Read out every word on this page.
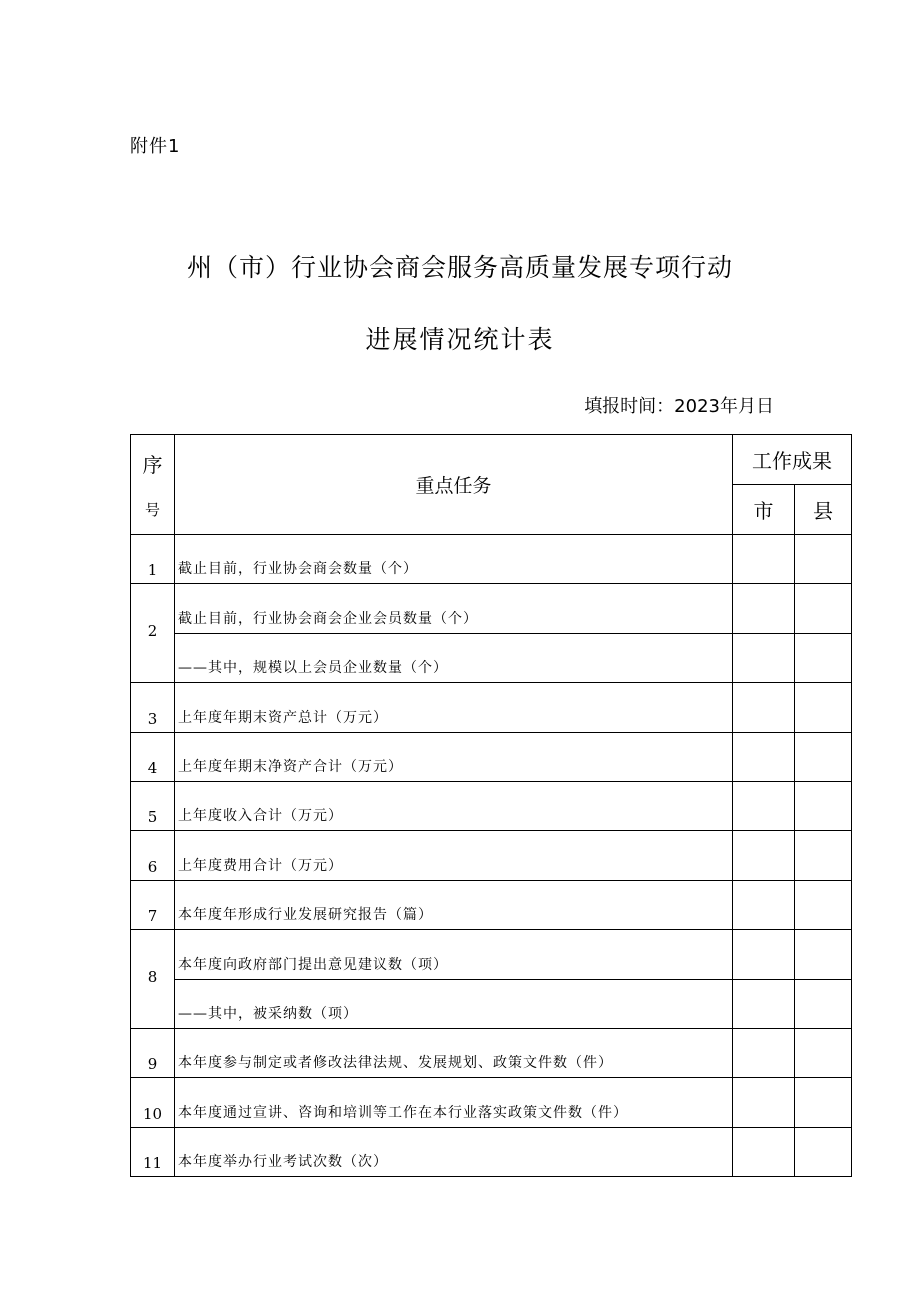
附件1
州（市）行业协会商会服务高质量发展专项行动
进展情况统计表
填报时间：2023年月日
序
号	重点任务	工作成果	
		市	县
1	截止目前，行业协会商会数量（个）		
2	截止目前，行业协会商会企业会员数量（个）		
	——其中，规模以上会员企业数量（个）		
3	上年度年期末资产总计（万元）		
4	上年度年期末净资产合计（万元）		
5	上年度收入合计（万元）		
6	上年度费用合计（万元）		
7	本年度年形成行业发展研究报告（篇）		
8	本年度向政府部门提出意见建议数（项）		
	——其中，被采纳数（项）		
9	本年度参与制定或者修改法律法规、发展规划、政策文件数（件）		
10	本年度通过宣讲、咨询和培训等工作在本行业落实政策文件数（件）		
11	本年度举办行业考试次数（次）		
